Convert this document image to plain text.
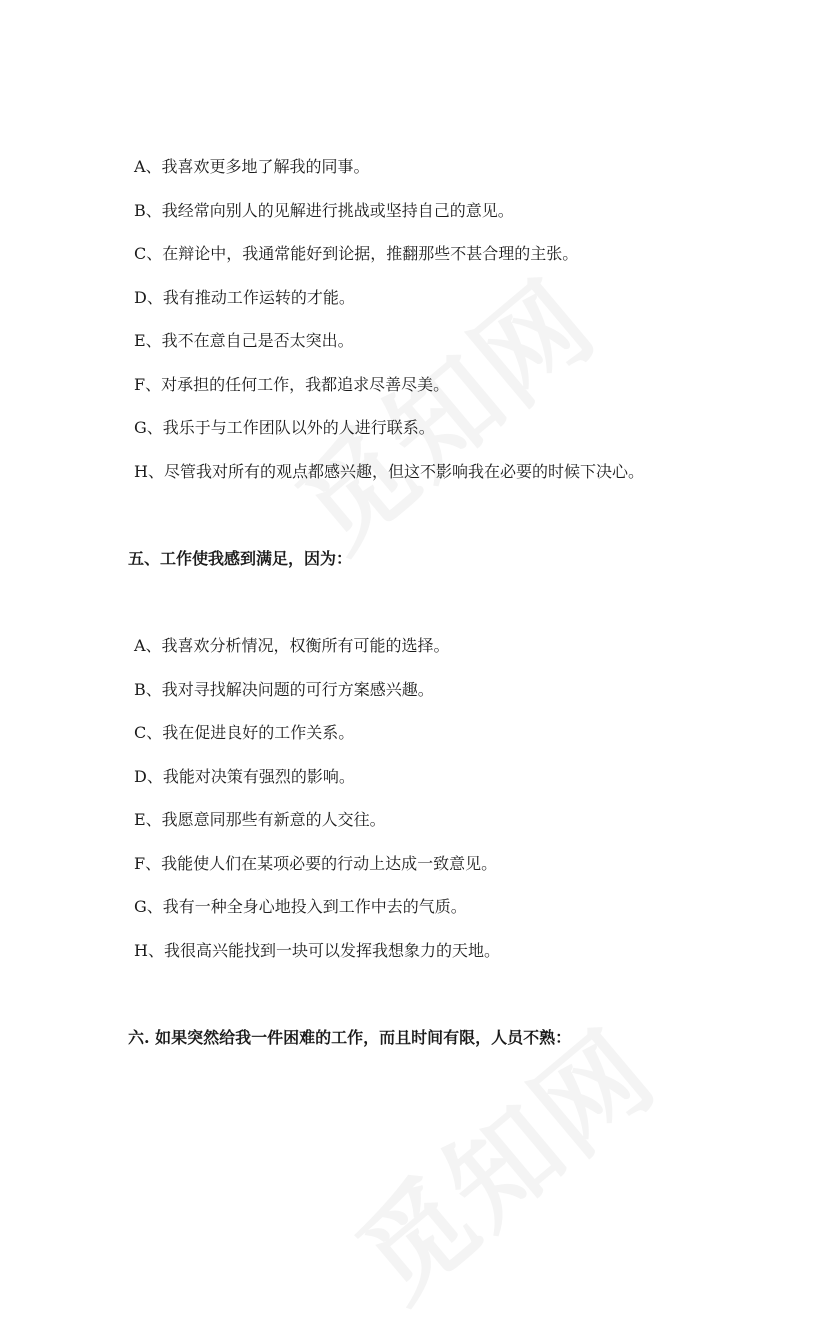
A、我喜欢更多地了解我的同事。
B、我经常向别人的见解进行挑战或坚持自己的意见。
C、在辩论中，我通常能好到论据，推翻那些不甚合理的主张。
D、我有推动工作运转的才能。
E、我不在意自己是否太突出。
F、对承担的任何工作，我都追求尽善尽美。
G、我乐于与工作团队以外的人进行联系。
H、尽管我对所有的观点都感兴趣，但这不影响我在必要的时候下决心。
五、工作使我感到满足，因为：
A、我喜欢分析情况，权衡所有可能的选择。
B、我对寻找解决问题的可行方案感兴趣。
C、我在促进良好的工作关系。
D、我能对决策有强烈的影响。
E、我愿意同那些有新意的人交往。
F、我能使人们在某项必要的行动上达成一致意见。
G、我有一种全身心地投入到工作中去的气质。
H、我很高兴能找到一块可以发挥我想象力的天地。
六. 如果突然给我一件困难的工作，而且时间有限，人员不熟：
